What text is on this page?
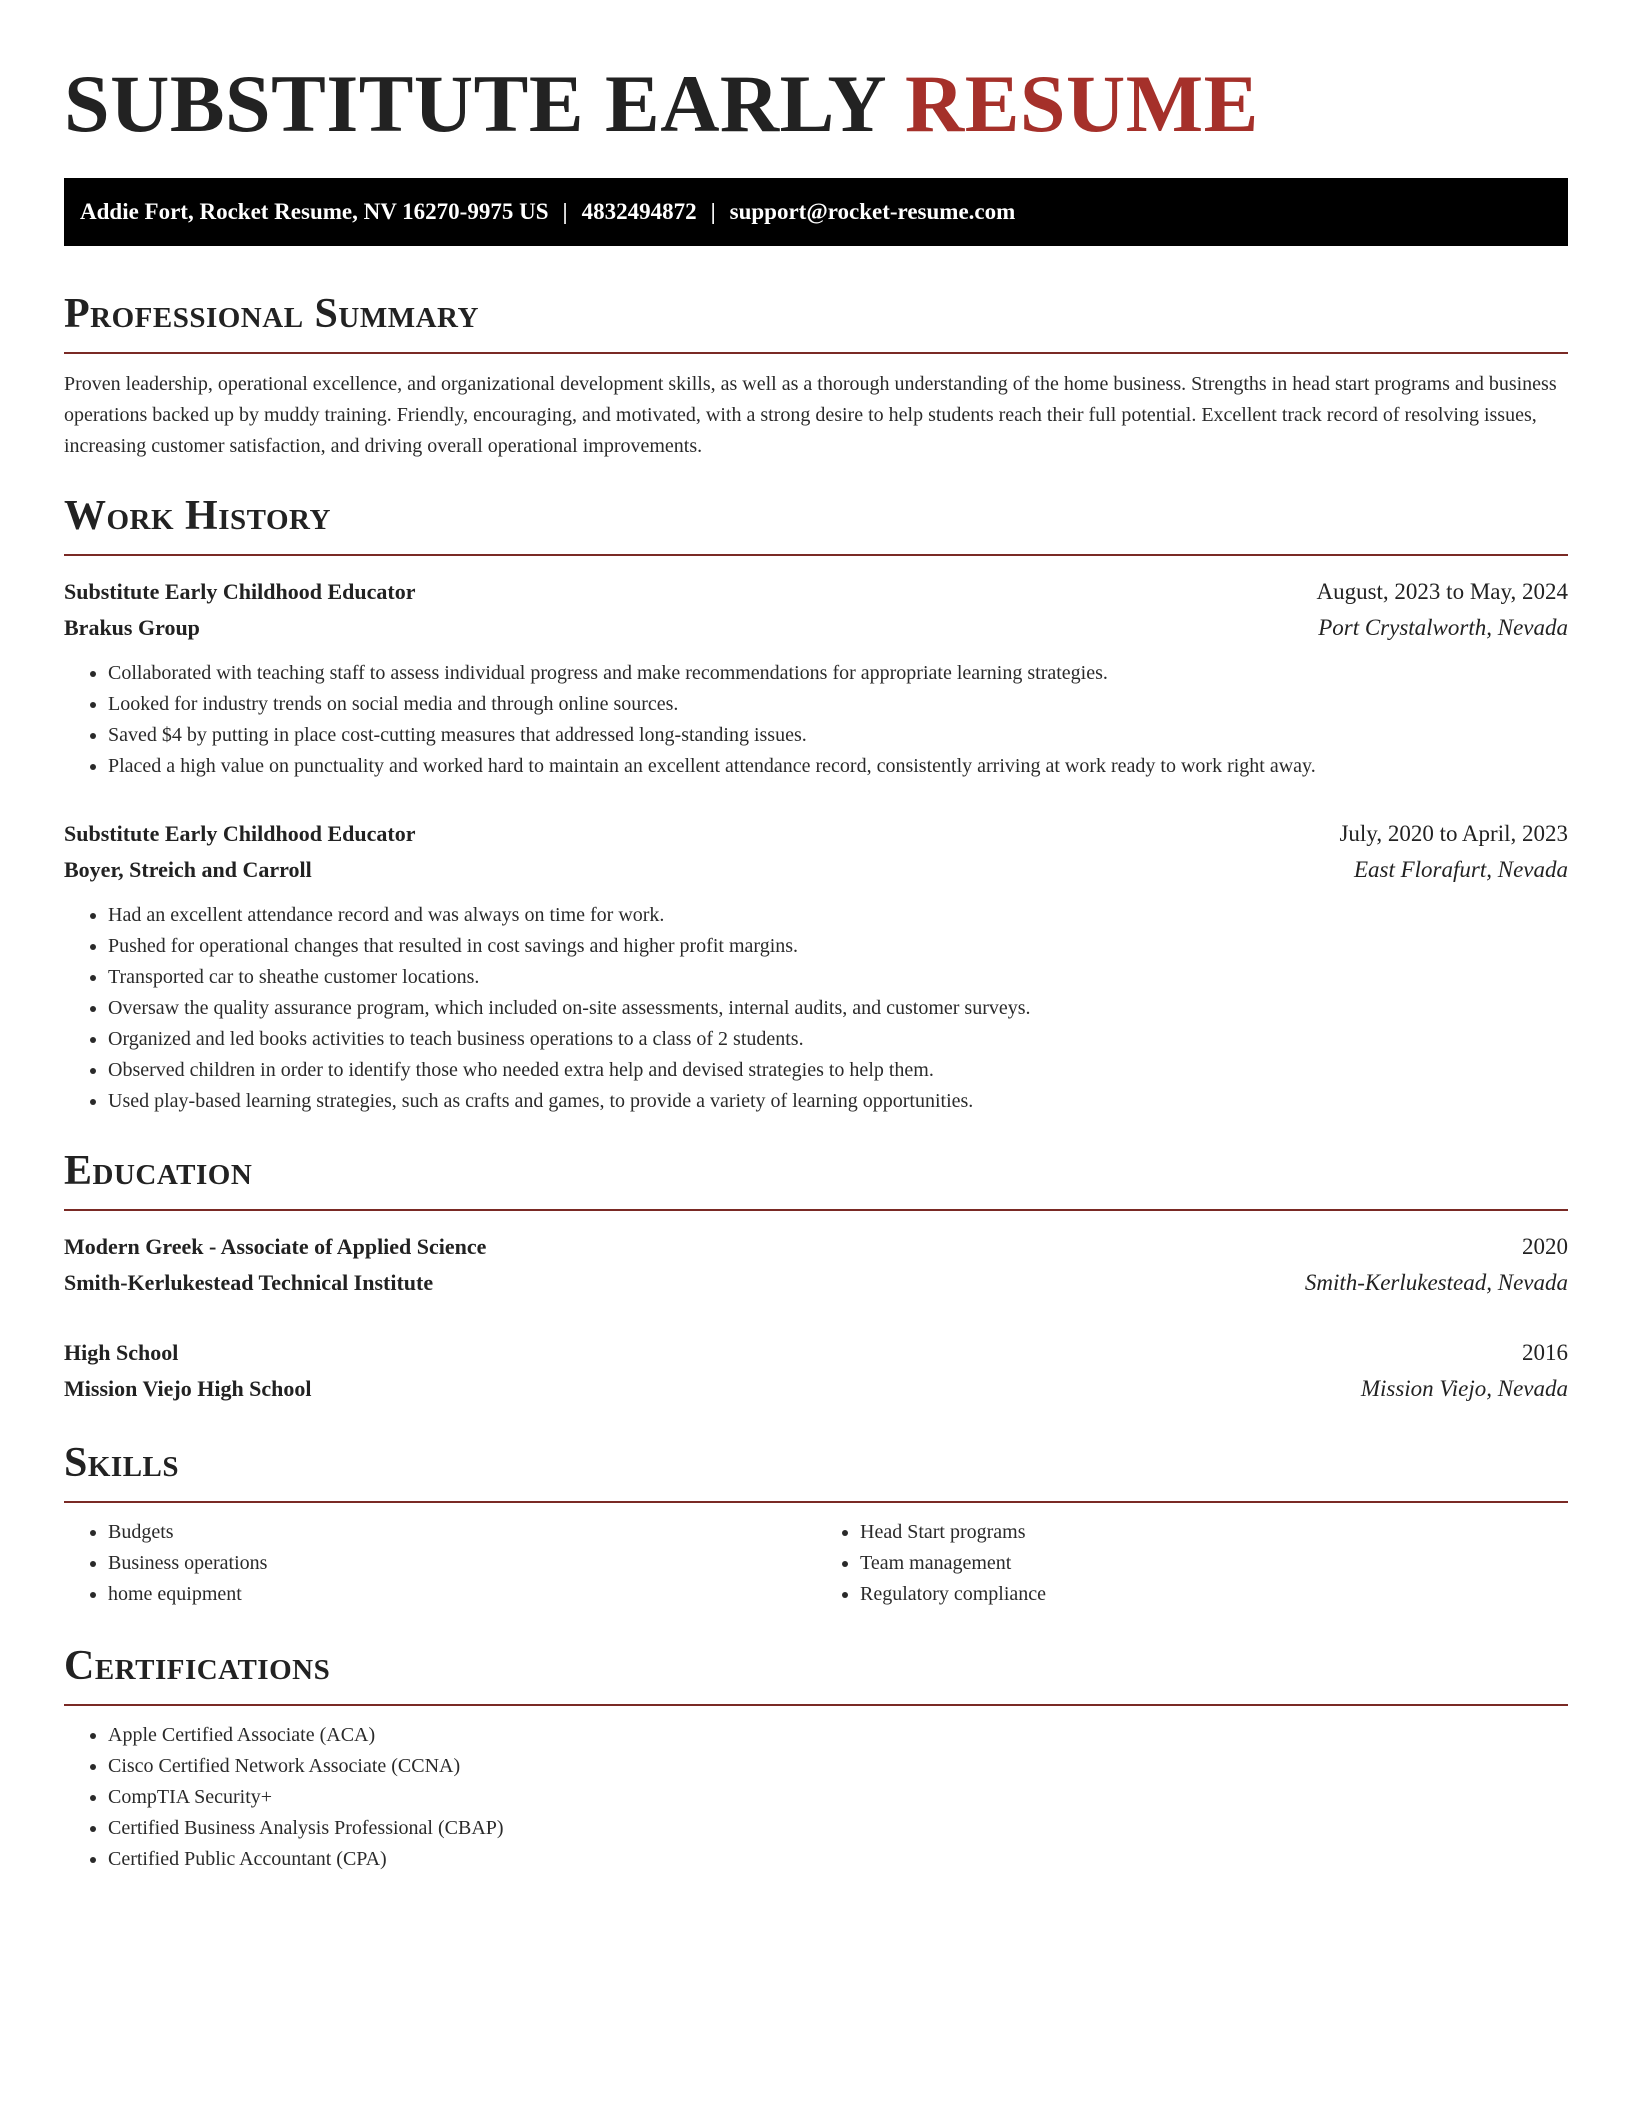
SUBSTITUTE EARLY RESUME
Addie Fort, Rocket Resume, NV 16270-9975 US | 4832494872 | support@rocket-resume.com
Professional Summary

Proven leadership, operational excellence, and organizational development skills, as well as a thorough understanding of the home business. Strengths in head start programs and business operations backed up by muddy training. Friendly, encouraging, and motivated, with a strong desire to help students reach their full potential. Excellent track record of resolving issues, increasing customer satisfaction, and driving overall operational improvements.

Work History
Substitute Early Childhood Educator	August, 2023 to May, 2024
Brakus Group	Port Crystalworth, Nevada
• Collaborated with teaching staff to assess individual progress and make recommendations for appropriate learning strategies.
• Looked for industry trends on social media and through online sources.
• Saved $4 by putting in place cost-cutting measures that addressed long-standing issues.
• Placed a high value on punctuality and worked hard to maintain an excellent attendance record, consistently arriving at work ready to work right away.
Substitute Early Childhood Educator	July, 2020 to April, 2023
Boyer, Streich and Carroll	East Florafurt, Nevada
• Had an excellent attendance record and was always on time for work.
• Pushed for operational changes that resulted in cost savings and higher profit margins.
• Transported car to sheathe customer locations.
• Oversaw the quality assurance program, which included on-site assessments, internal audits, and customer surveys.
• Organized and led books activities to teach business operations to a class of 2 students.
• Observed children in order to identify those who needed extra help and devised strategies to help them.
• Used play-based learning strategies, such as crafts and games, to provide a variety of learning opportunities.
Education
Modern Greek - Associate of Applied Science	2020
Smith-Kerlukestead Technical Institute	Smith-Kerlukestead, Nevada
High School	2016
Mission Viejo High School	Mission Viejo, Nevada
Skills
• Budgets
• Business operations
• home equipment
• Head Start programs
• Team management
• Regulatory compliance
Certifications
• Apple Certified Associate (ACA)
• Cisco Certified Network Associate (CCNA)
• CompTIA Security+
• Certified Business Analysis Professional (CBAP)
• Certified Public Accountant (CPA)
